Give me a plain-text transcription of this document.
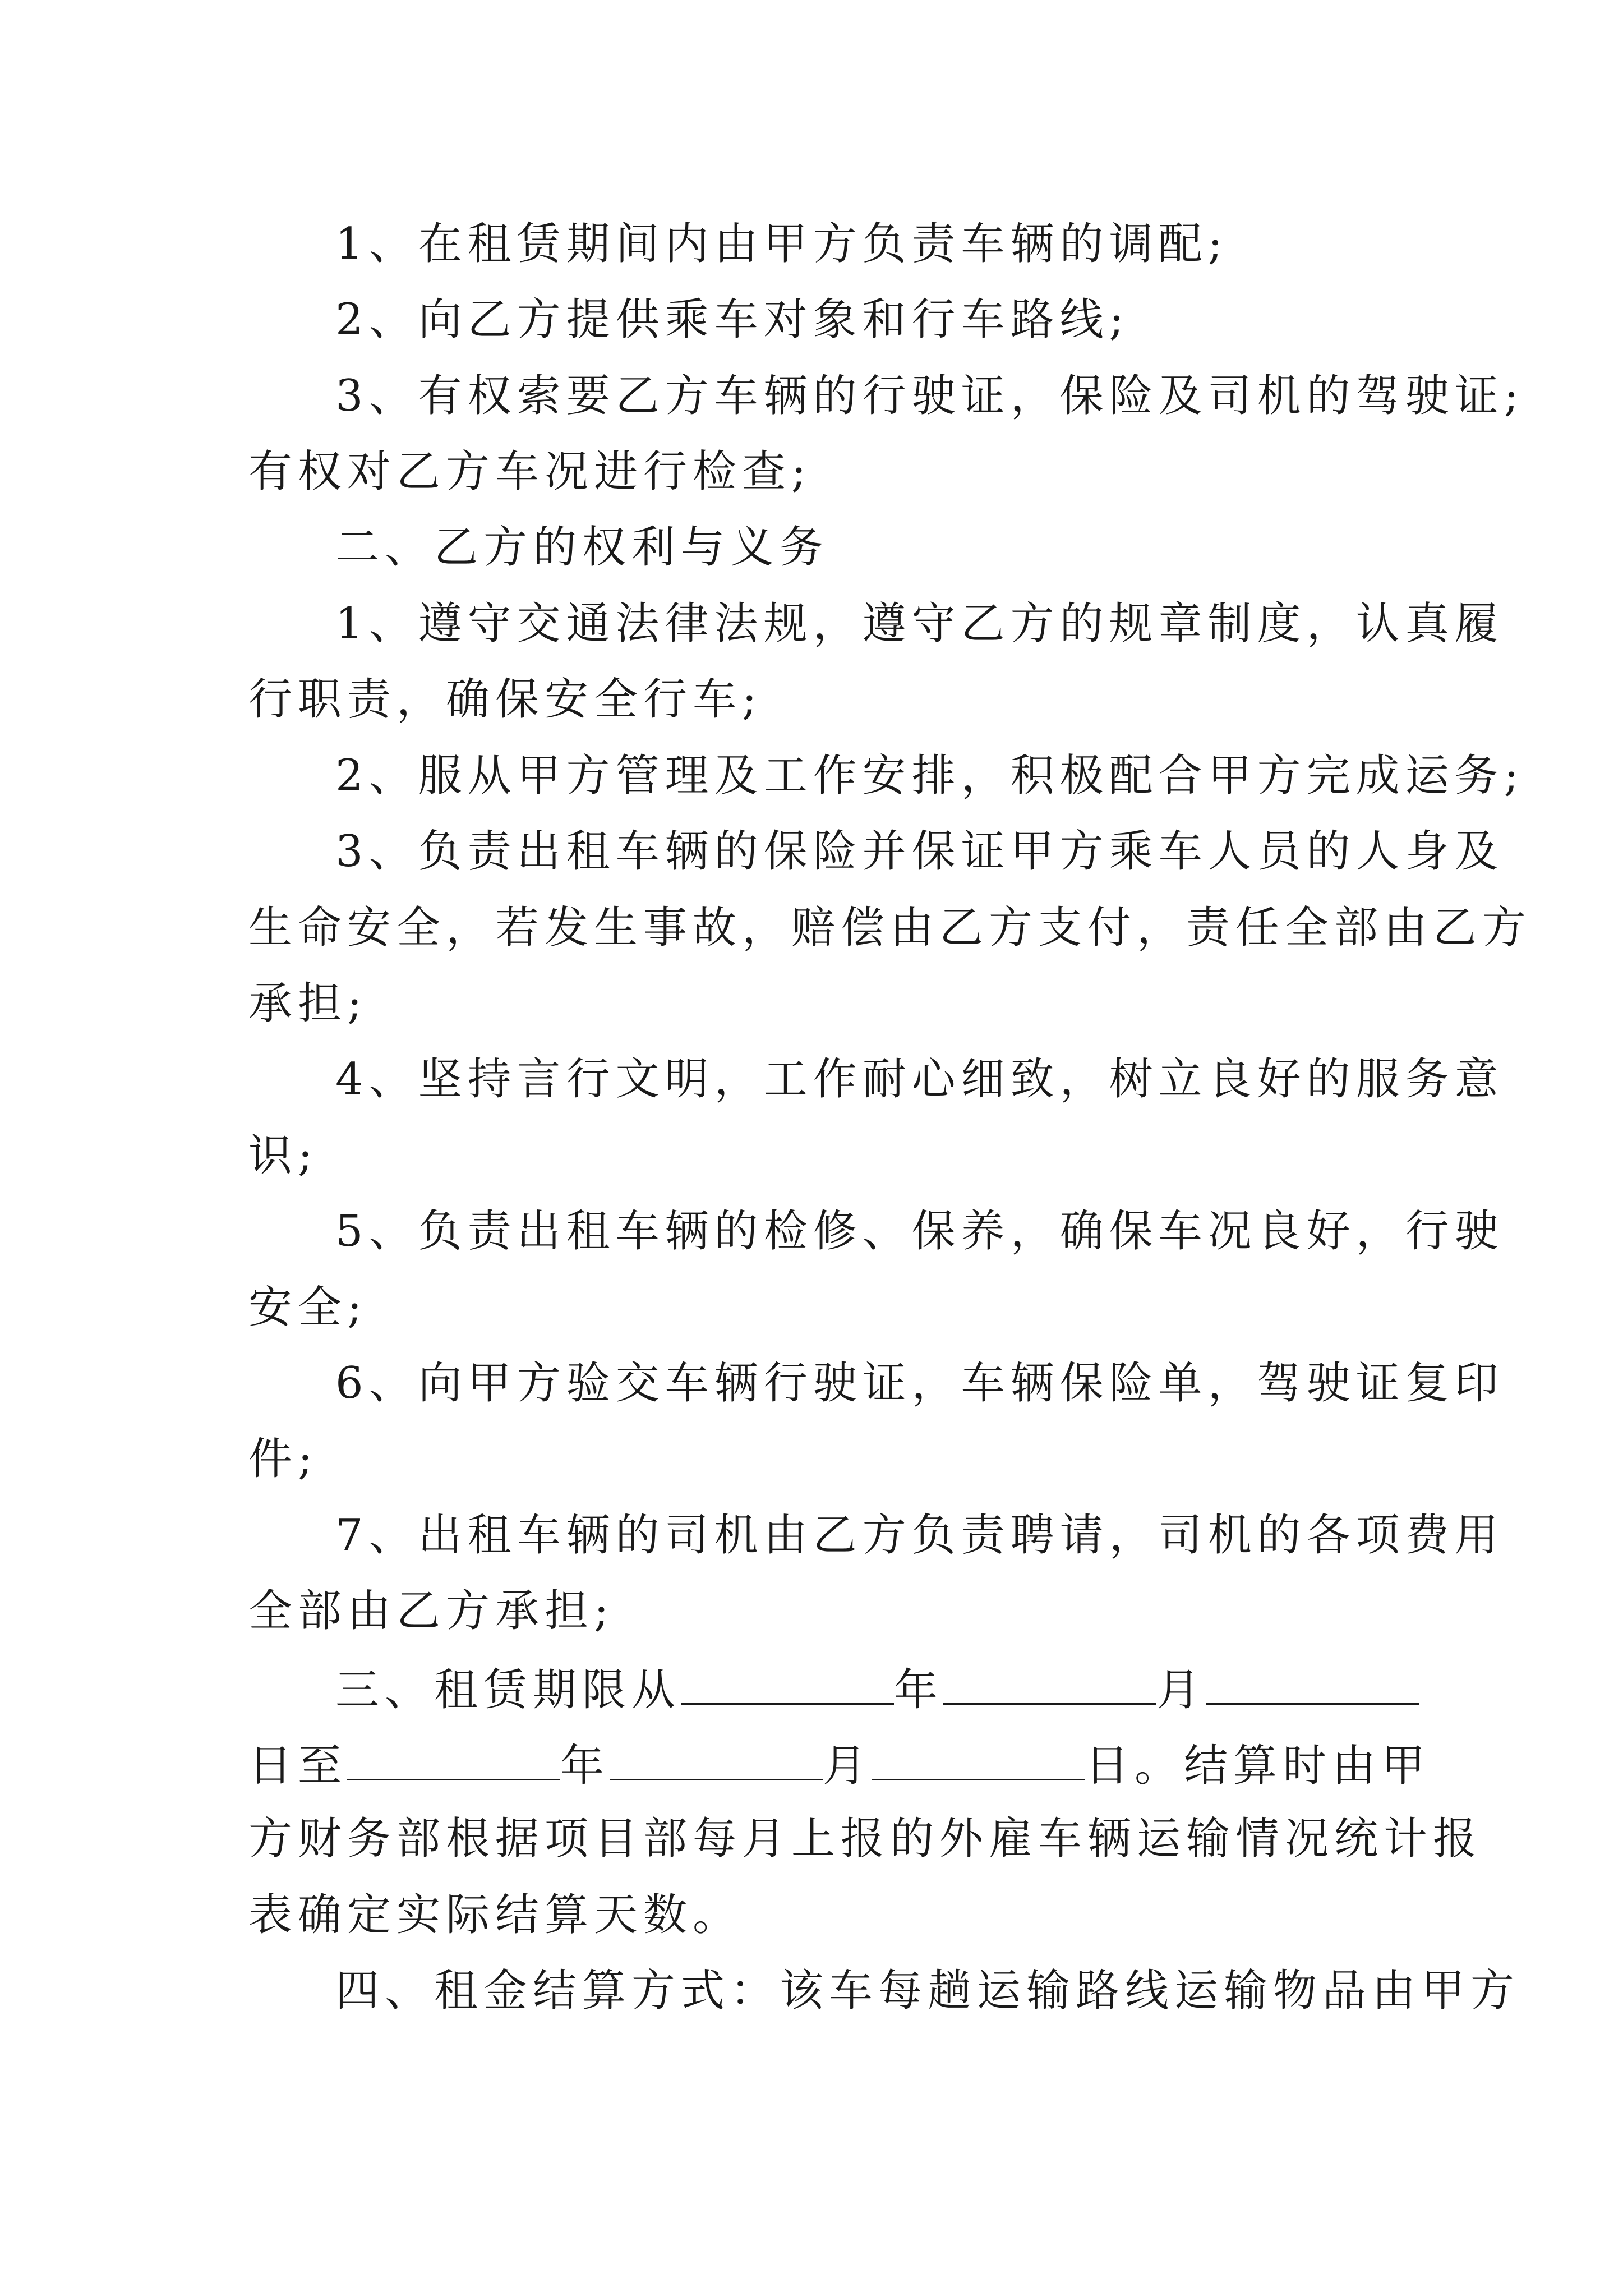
1、在租赁期间内由甲方负责车辆的调配;
2、向乙方提供乘车对象和行车路线;
3、有权索要乙方车辆的行驶证，保险及司机的驾驶证;
有权对乙方车况进行检查;
二、乙方的权利与义务
1、遵守交通法律法规，遵守乙方的规章制度，认真履
行职责，确保安全行车;
2、服从甲方管理及工作安排，积极配合甲方完成运务;
3、负责出租车辆的保险并保证甲方乘车人员的人身及
生命安全，若发生事故，赔偿由乙方支付，责任全部由乙方
承担;
4、坚持言行文明，工作耐心细致，树立良好的服务意
识;
5、负责出租车辆的检修、保养，确保车况良好，行驶
安全;
6、向甲方验交车辆行驶证，车辆保险单，驾驶证复印
件;
7、出租车辆的司机由乙方负责聘请，司机的各项费用
全部由乙方承担;
三、租赁期限从	年	月
日至	年	月	日。结算时由甲
方财务部根据项目部每月上报的外雇车辆运输情况统计报
表确定实际结算天数。
四、租金结算方式：该车每趟运输路线运输物品由甲方
